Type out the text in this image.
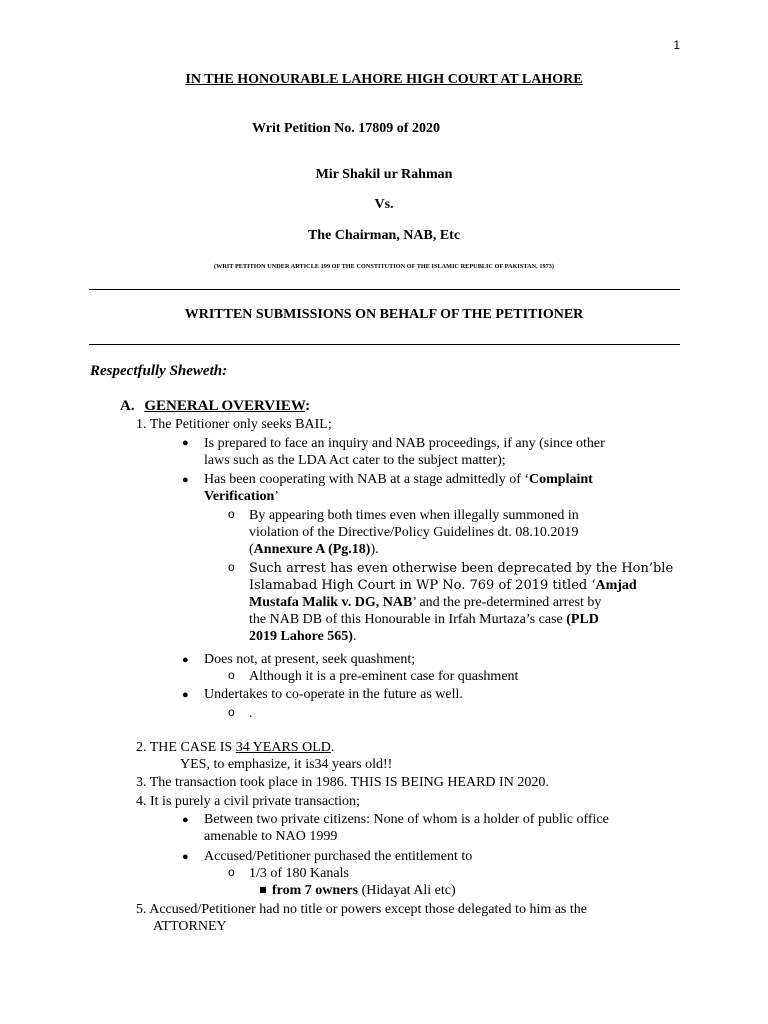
1
IN THE HONOURABLE LAHORE HIGH COURT AT LAHORE
Writ Petition No. 17809 of 2020
Mir Shakil ur Rahman
Vs.
The Chairman, NAB, Etc
(WRIT PETITION UNDER ARTICLE 199 OF THE CONSTITUTION OF THE ISLAMIC REPUBLIC OF PAKISTAN, 1973)
WRITTEN SUBMISSIONS ON BEHALF OF THE PETITIONER
Respectfully Sheweth:
A. GENERAL OVERVIEW:
1. The Petitioner only seeks BAIL;
● Is prepared to face an inquiry and NAB proceedings, if any (since other
laws such as the LDA Act cater to the subject matter);
● Has been cooperating with NAB at a stage admittedly of ‘Complaint
Verification’
o By appearing both times even when illegally summoned in
violation of the Directive/Policy Guidelines dt. 08.10.2019
(Annexure A (Pg.18)).
o Such arrest has even otherwise been deprecated by the Hon’ble
Islamabad High Court in WP No. 769 of 2019 titled ‘Amjad
Mustafa Malik v. DG, NAB’ and the pre-determined arrest by
the NAB DB of this Honourable in Irfah Murtaza’s case (PLD
2019 Lahore 565).
● Does not, at present, seek quashment;
o Although it is a pre-eminent case for quashment
● Undertakes to co-operate in the future as well.
o .
2. THE CASE IS 34 YEARS OLD.
YES, to emphasize, it is34 years old!!
3. The transaction took place in 1986. THIS IS BEING HEARD IN 2020.
4. It is purely a civil private transaction;
● Between two private citizens: None of whom is a holder of public office
amenable to NAO 1999
● Accused/Petitioner purchased the entitlement to
o 1/3 of 180 Kanals
from 7 owners (Hidayat Ali etc)
5. Accused/Petitioner had no title or powers except those delegated to him as the
ATTORNEY
